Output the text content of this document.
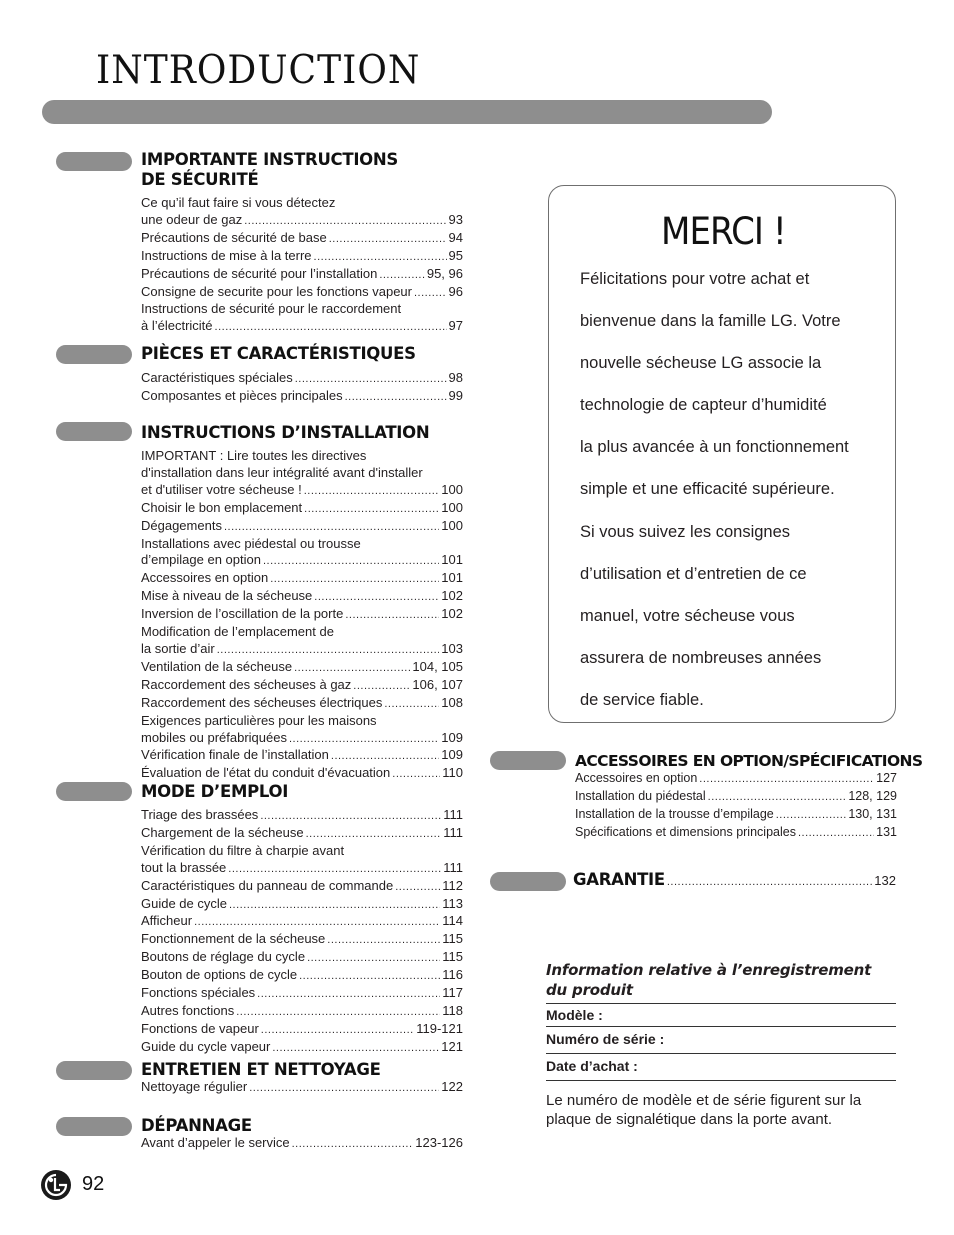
INTRODUCTION
IMPORTANTE INSTRUCTIONS
DE SÉCURITÉ
Ce qu’il faut faire si vous détectez
une odeur de gaz .....	93
Précautions de sécurité de base .....	94
Instructions de mise à la terre .....	95
Précautions de sécurité pour l’installation .....	95, 96
Consigne de securite pour les fonctions vapeur .....	96
Instructions de sécurité pour le raccordement
à l’électricité .....	97
PIÈCES ET CARACTÉRISTIQUES
Caractéristiques spéciales .....	98
Composantes et pièces principales .....	99
INSTRUCTIONS D’INSTALLATION
IMPORTANT : Lire toutes les directives
d'installation dans leur intégralité avant d'installer
et d'utiliser votre sécheuse ! .....	100
Choisir le bon emplacement .....	100
Dégagements .....	100
Installations avec piédestal ou trousse
d’empilage en option .....	101
Accessoires en option .....	101
Mise à niveau de la sécheuse .....	102
Inversion de l’oscillation de la porte .....	102
Modification de l’emplacement de
la sortie d’air .....	103
Ventilation de la sécheuse .....	104, 105
Raccordement des sécheuses à gaz .....	106, 107
Raccordement des sécheuses électriques .....	108
Exigences particulières pour les maisons
mobiles ou préfabriquées .....	109
Vérification finale de l’installation .....	109
Évaluation de l'état du conduit d'évacuation .....	110
MODE D’EMPLOI
Triage des brassées .....	111
Chargement de la sécheuse .....	111
Vérification du filtre à charpie avant
tout la brassée .....	111
Caractéristiques du panneau de commande .....	112
Guide de cycle .....	113
Afficheur .....	114
Fonctionnement de la sécheuse .....	115
Boutons de réglage du cycle .....	115
Bouton de options de cycle .....	116
Fonctions spéciales .....	117
Autres fonctions .....	118
Fonctions de vapeur .....	119-121
Guide du cycle vapeur .....	121
ENTRETIEN ET NETTOYAGE
Nettoyage régulier .....	122
DÉPANNAGE
Avant d’appeler le service .....	123-126
MERCI !

Félicitations pour votre achat et
bienvenue dans la famille LG. Votre
nouvelle sécheuse LG associe la
technologie de capteur d’humidité
la plus avancée à un fonctionnement
simple et une efficacité supérieure.
Si vous suivez les consignes
d’utilisation et d’entretien de ce
manuel, votre sécheuse vous
assurera de nombreuses années
de service fiable.

ACCESSOIRES EN OPTION/SPÉCIFICATIONS
Accessoires en option .....	127
Installation du piédestal .....	128, 129
Installation de la trousse d’empilage .....	130, 131
Spécifications et dimensions principales .....	131
GARANTIE .....	132
Information relative à l’enregistrement
du produit
Modèle :
Numéro de série :
Date d’achat :

Le numéro de modèle et de série figurent sur la plaque de signalétique dans la porte avant.

92
